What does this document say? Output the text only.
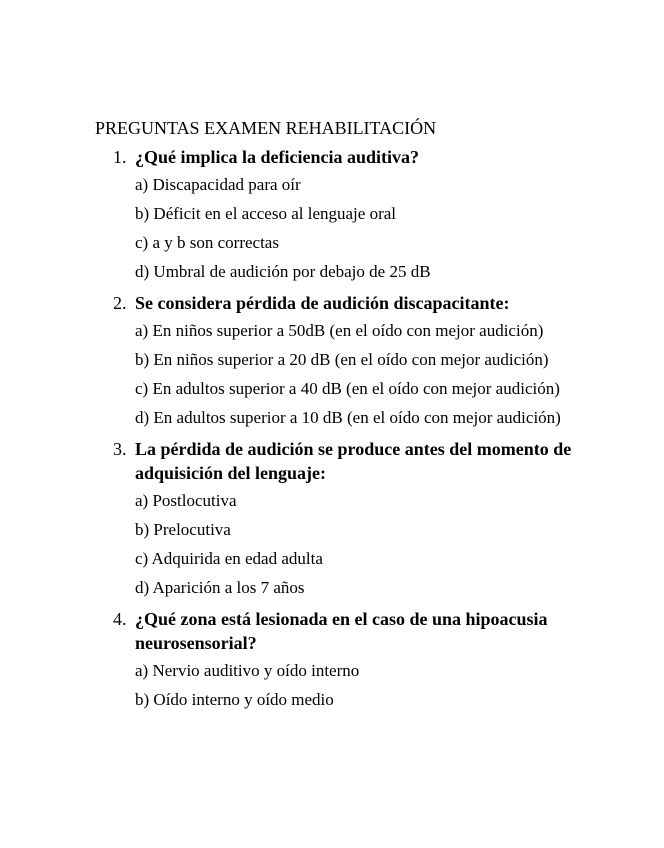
PREGUNTAS EXAMEN REHABILITACIÓN
1. ¿Qué implica la deficiencia auditiva?
a) Discapacidad para oír
b) Déficit en el acceso al lenguaje oral
c) a y b son correctas
d) Umbral de audición por debajo de 25 dB
2. Se considera pérdida de audición discapacitante:
a) En niños superior a 50dB (en el oído con mejor audición)
b) En niños superior a 20 dB (en el oído con mejor audición)
c) En adultos superior a 40 dB (en el oído con mejor audición)
d) En adultos superior a 10 dB (en el oído con mejor audición)
3. La pérdida de audición se produce antes del momento de adquisición del lenguaje:
a) Postlocutiva
b) Prelocutiva
c) Adquirida en edad adulta
d) Aparición a los 7 años
4. ¿Qué zona está lesionada en el caso de una hipoacusia neurosensorial?
a) Nervio auditivo y oído interno
b) Oído interno y oído medio
